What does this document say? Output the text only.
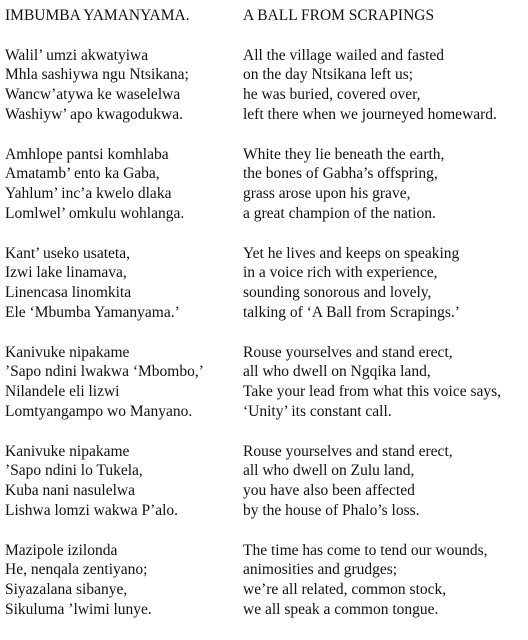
IMBUMBA YAMANYAMA.
Walil’ umzi akwatyiwa
Mhla sashiywa ngu Ntsikana;
Wancw’atywa ke waselelwa
Washiyw’ apo kwagodukwa.
Amhlope pantsi komhlaba
Amatamb’ ento ka Gaba,
Yahlum’ inc’a kwelo dlaka
Lomlwel’ omkulu wohlanga.
Kant’ useko usateta,
Izwi lake linamava,
Linencasa linomkita
Ele ‘Mbumba Yamanyama.’
Kanivuke nipakame
’Sapo ndini lwakwa ‘Mbombo,’
Nilandele eli lizwi
Lomtyangampo wo Manyano.
Kanivuke nipakame
’Sapo ndini lo Tukela,
Kuba nani nasulelwa
Lishwa lomzi wakwa P’alo.
Mazipole izilonda
He, nenqala zentiyano;
Siyazalana sibanye,
Sikuluma ’lwimi lunye.
A BALL FROM SCRAPINGS
All the village wailed and fasted
on the day Ntsikana left us;
he was buried, covered over,
left there when we journeyed homeward.
White they lie beneath the earth,
the bones of Gabha’s offspring,
grass arose upon his grave,
a great champion of the nation.
Yet he lives and keeps on speaking
in a voice rich with experience,
sounding sonorous and lovely,
talking of ‘A Ball from Scrapings.’
Rouse yourselves and stand erect,
all who dwell on Ngqika land,
Take your lead from what this voice says,
‘Unity’ its constant call.
Rouse yourselves and stand erect,
all who dwell on Zulu land,
you have also been affected
by the house of Phalo’s loss.
The time has come to tend our wounds,
animosities and grudges;
we’re all related, common stock,
we all speak a common tongue.
